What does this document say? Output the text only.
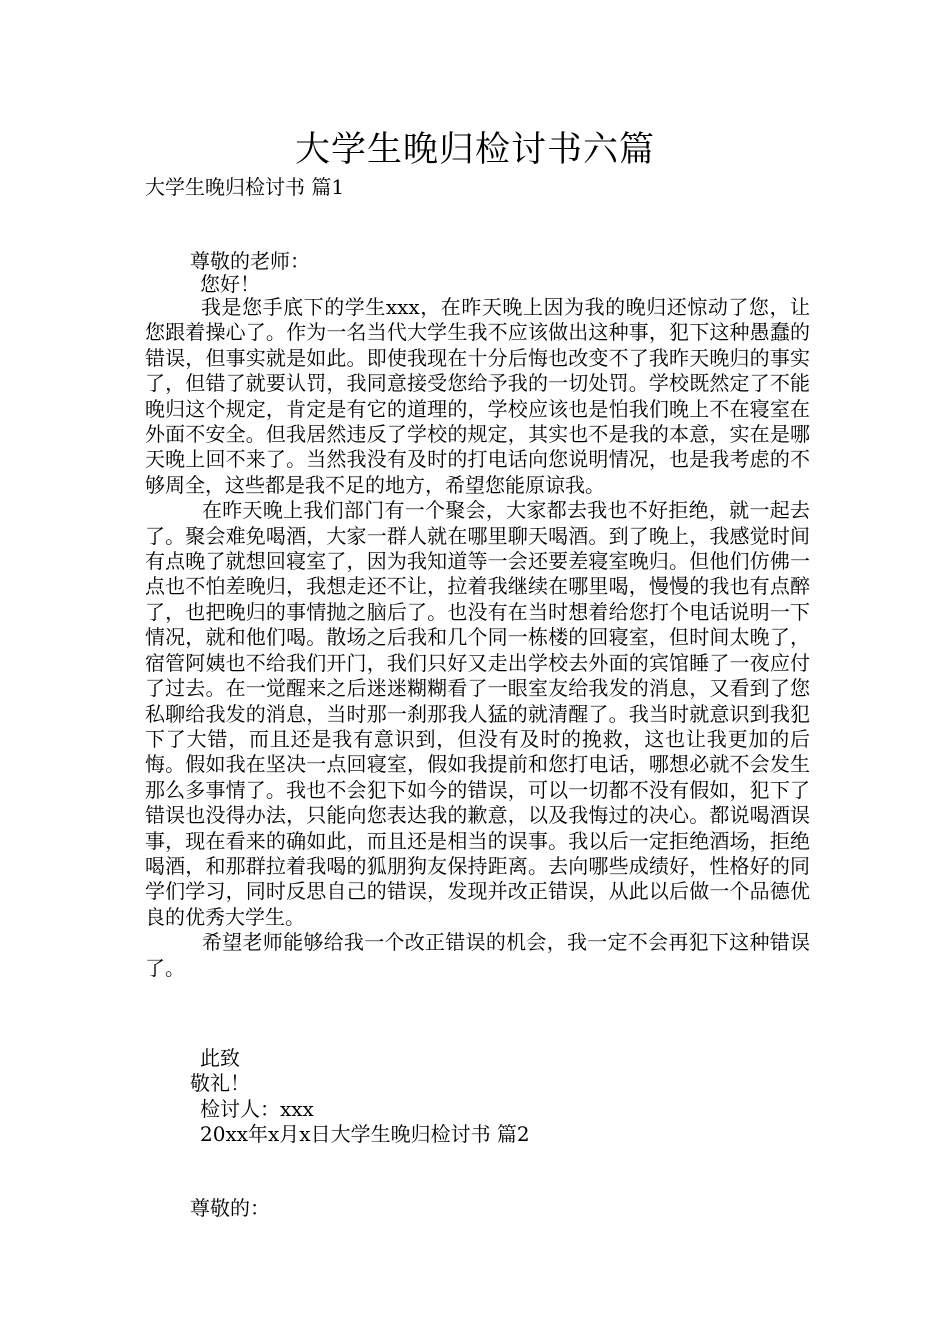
大学生晚归检讨书六篇
大学生晚归检讨书 篇1
尊敬的老师：
您好！

我是您手底下的学生xxx，在昨天晚上因为我的晚归还惊动了您，让您跟着操心了。作为一名当代大学生我不应该做出这种事，犯下这种愚蠢的错误，但事实就是如此。即使我现在十分后悔也改变不了我昨天晚归的事实了，但错了就要认罚，我同意接受您给予我的一切处罚。学校既然定了不能晚归这个规定，肯定是有它的道理的，学校应该也是怕我们晚上不在寝室在外面不安全。但我居然违反了学校的规定，其实也不是我的本意，实在是哪天晚上回不来了。当然我没有及时的打电话向您说明情况，也是我考虑的不够周全，这些都是我不足的地方，希望您能原谅我。

在昨天晚上我们部门有一个聚会，大家都去我也不好拒绝，就一起去了。聚会难免喝酒，大家一群人就在哪里聊天喝酒。到了晚上，我感觉时间有点晚了就想回寝室了，因为我知道等一会还要差寝室晚归。但他们仿佛一点也不怕差晚归，我想走还不让，拉着我继续在哪里喝，慢慢的我也有点醉了，也把晚归的事情抛之脑后了。也没有在当时想着给您打个电话说明一下情况，就和他们喝。散场之后我和几个同一栋楼的回寝室，但时间太晚了，宿管阿姨也不给我们开门，我们只好又走出学校去外面的宾馆睡了一夜应付了过去。在一觉醒来之后迷迷糊糊看了一眼室友给我发的消息，又看到了您私聊给我发的消息，当时那一刹那我人猛的就清醒了。我当时就意识到我犯下了大错，而且还是我有意识到，但没有及时的挽救，这也让我更加的后悔。假如我在坚决一点回寝室，假如我提前和您打电话，哪想必就不会发生那么多事情了。我也不会犯下如今的错误，可以一切都不没有假如，犯下了错误也没得办法，只能向您表达我的歉意，以及我悔过的决心。都说喝酒误事，现在看来的确如此，而且还是相当的误事。我以后一定拒绝酒场，拒绝喝酒，和那群拉着我喝的狐朋狗友保持距离。去向哪些成绩好，性格好的同学们学习，同时反思自己的错误，发现并改正错误，从此以后做一个品德优良的优秀大学生。

希望老师能够给我一个改正错误的机会，我一定不会再犯下这种错误了。

此致
敬礼！
检讨人：xxx
20xx年x月x日大学生晚归检讨书 篇2
尊敬的：
